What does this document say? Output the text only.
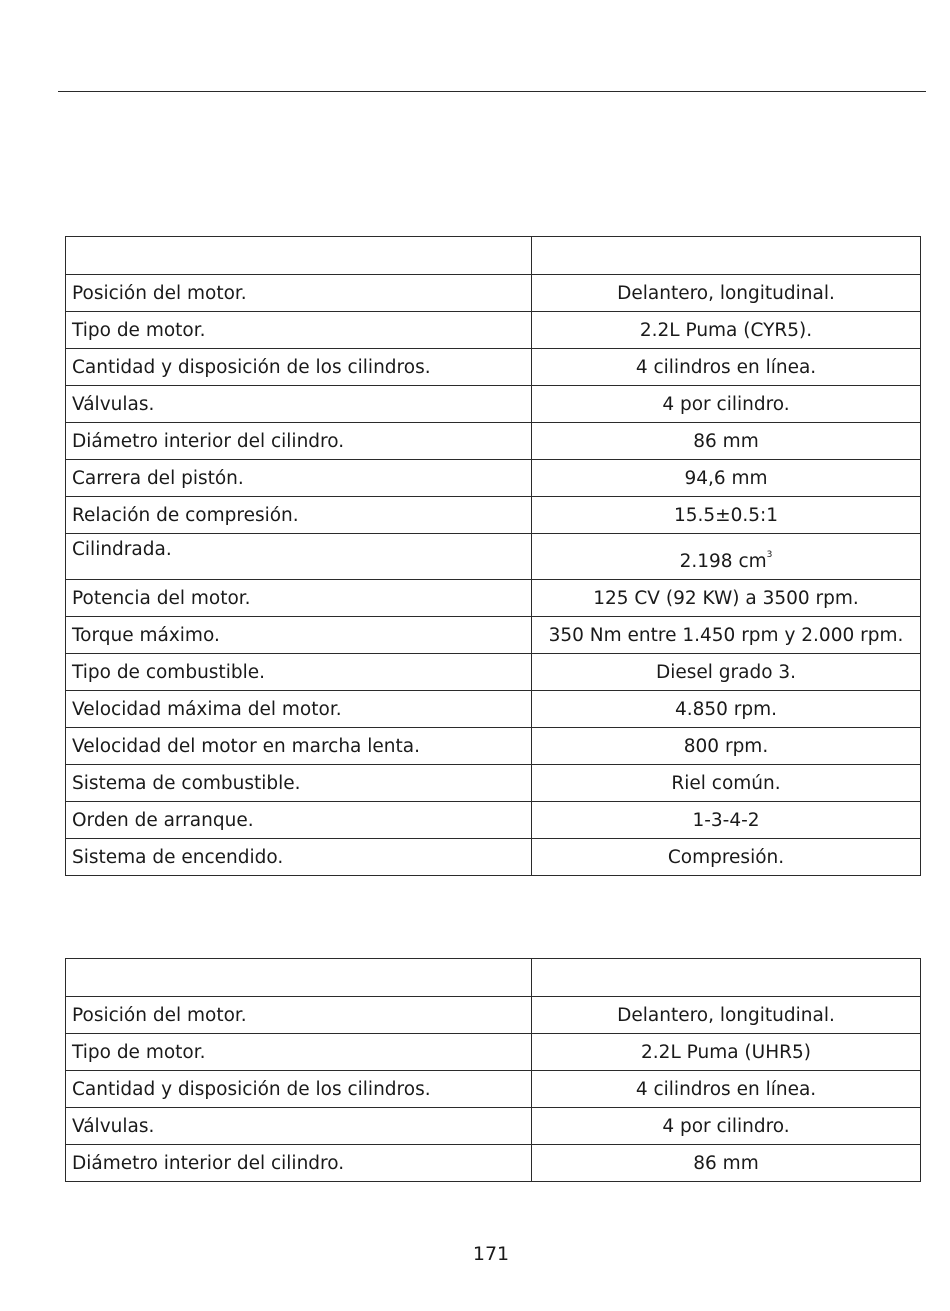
Posición del motor.	Delantero, longitudinal.
Tipo de motor.	2.2L Puma (CYR5).
Cantidad y disposición de los cilindros.	4 cilindros en línea.
Válvulas.	4 por cilindro.
Diámetro interior del cilindro.	86 mm
Carrera del pistón.	94,6 mm
Relación de compresión.	15.5±0.5:1
Cilindrada.	2.198 $cm^3$
Potencia del motor.	125 CV (92 KW) a 3500 rpm.
Torque máximo.	350 Nm entre 1.450 rpm y 2.000 rpm.
Tipo de combustible.	Diesel grado 3.
Velocidad máxima del motor.	4.850 rpm.
Velocidad del motor en marcha lenta.	800 rpm.
Sistema de combustible.	Riel común.
Orden de arranque.	1-3-4-2
Sistema de encendido.	Compresión.

Posición del motor.	Delantero, longitudinal.
Tipo de motor.	2.2L Puma (UHR5)
Cantidad y disposición de los cilindros.	4 cilindros en línea.
Válvulas.	4 por cilindro.
Diámetro interior del cilindro.	86 mm
171
